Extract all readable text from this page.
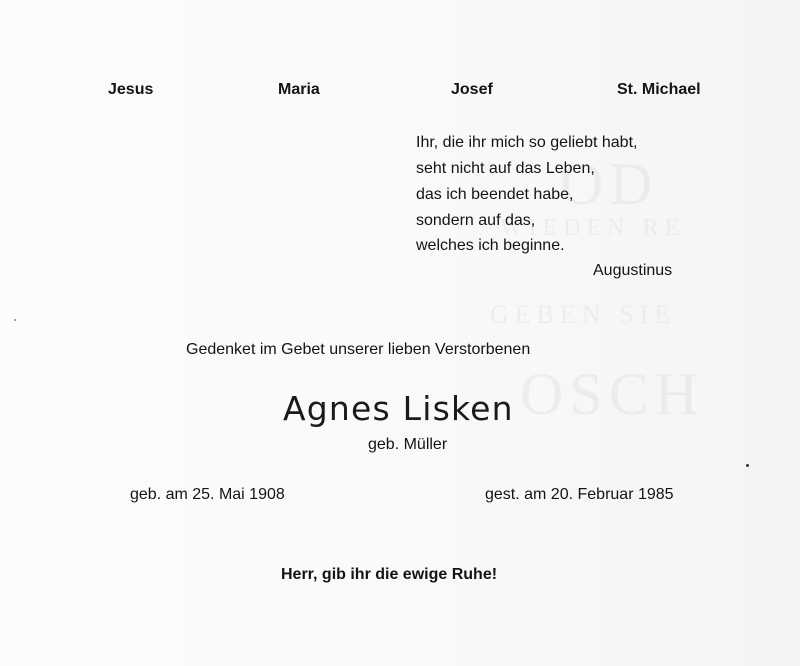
Jesus	Maria	Josef	St. Michael
Ihr, die ihr mich so geliebt habt,
seht nicht auf das Leben,
das ich beendet habe,
sondern auf das,
welches ich beginne.
Augustinus
Gedenket im Gebet unserer lieben Verstorbenen
Agnes Lisken
geb. Müller
geb. am 25. Mai 1908	gest. am 20. Februar 1985
Herr, gib ihr die ewige Ruhe!
